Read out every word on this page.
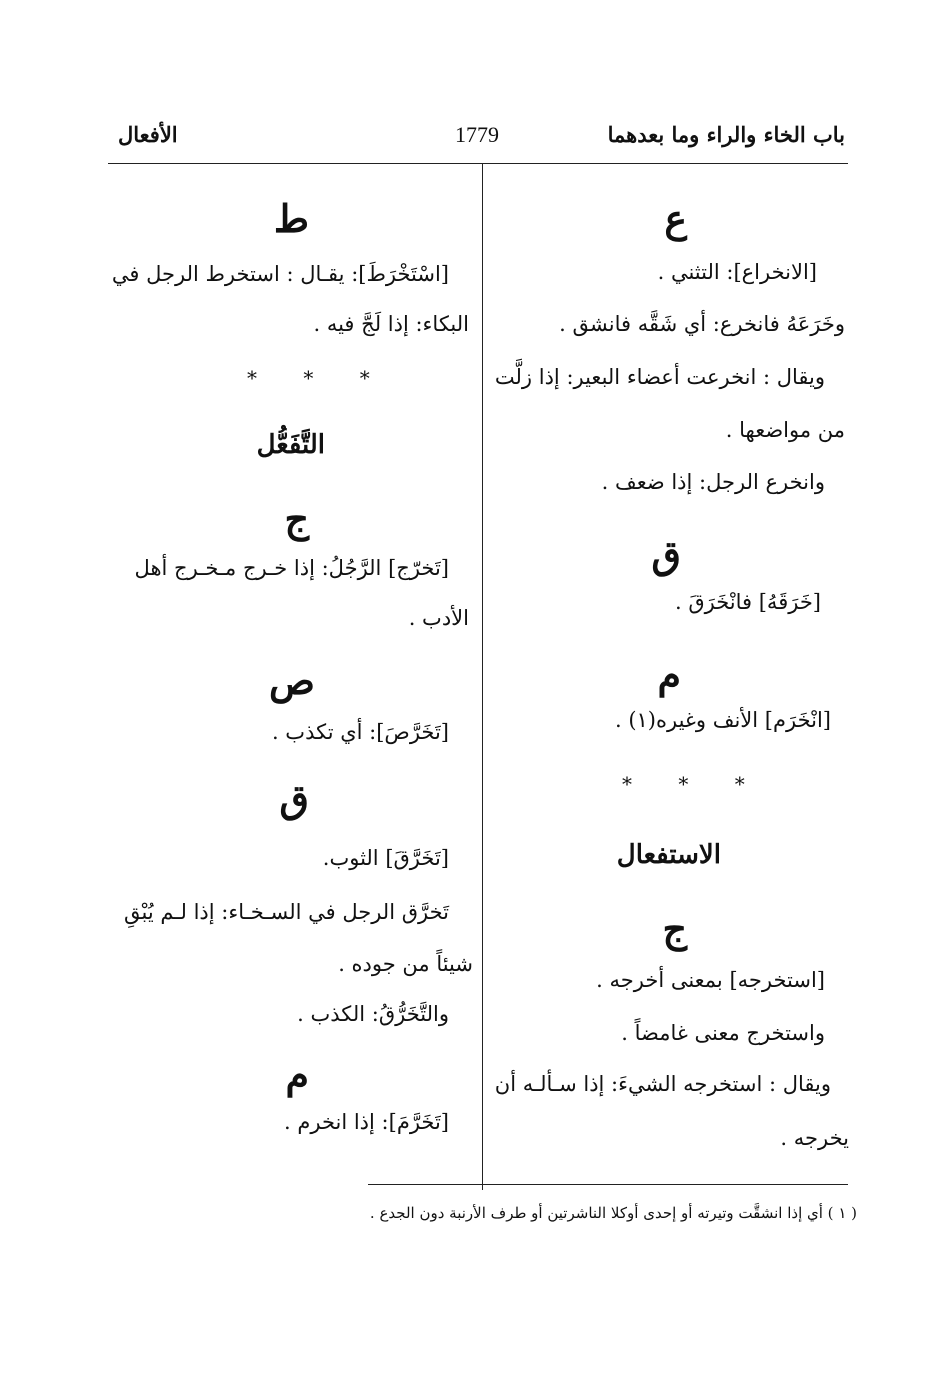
باب الخاء والراء وما بعدهما
1779
الأفعال
ع
[الانخراع]: التثني .
وخَرَعَهُ فانخرع: أي شَقَّه فانشق .
ويقال : انخرعت أعضاء البعير: إذا زلَّت
من مواضعها .
وانخرع الرجل: إذا ضعف .
ق
[خَرَقَهُ] فانْخَرَقَ .
م
[انْخَرَم] الأنف وغيره(١) .
* * *
الاستفعال
ج
[استخرجه] بمعنى أخرجه .
واستخرج معنى غامضاً .
ويقال : استخرجه الشيءَ: إذا سـألـه أن
يخرجه .
ط
[اسْتَخْرَطَ]: يقـال : استخرط الرجل في
البكاء: إذا لَجَّ فيه .
* * *
التَّفَعُّل
ج
[تَخرّج] الرَّجُلُ: إذا خـرج مـخـرج أهل
الأدب .
ص
[تَخَرَّصَ]: أي تكذب .
ق
[تَخَرَّقَ] الثوب.
تَخرَّق الرجل في السـخـاء: إذا لـم يُبْقِ
شيئاً من جوده .
والتَّخَرُّقُ: الكذب .
م
[تَخَرَّمَ]: إذا انخرم .
( ١ ) أي إذا انشقَّت وتيرته أو إحدى أوكلا الناشرتين أو طرف الأرنبة دون الجدع .
